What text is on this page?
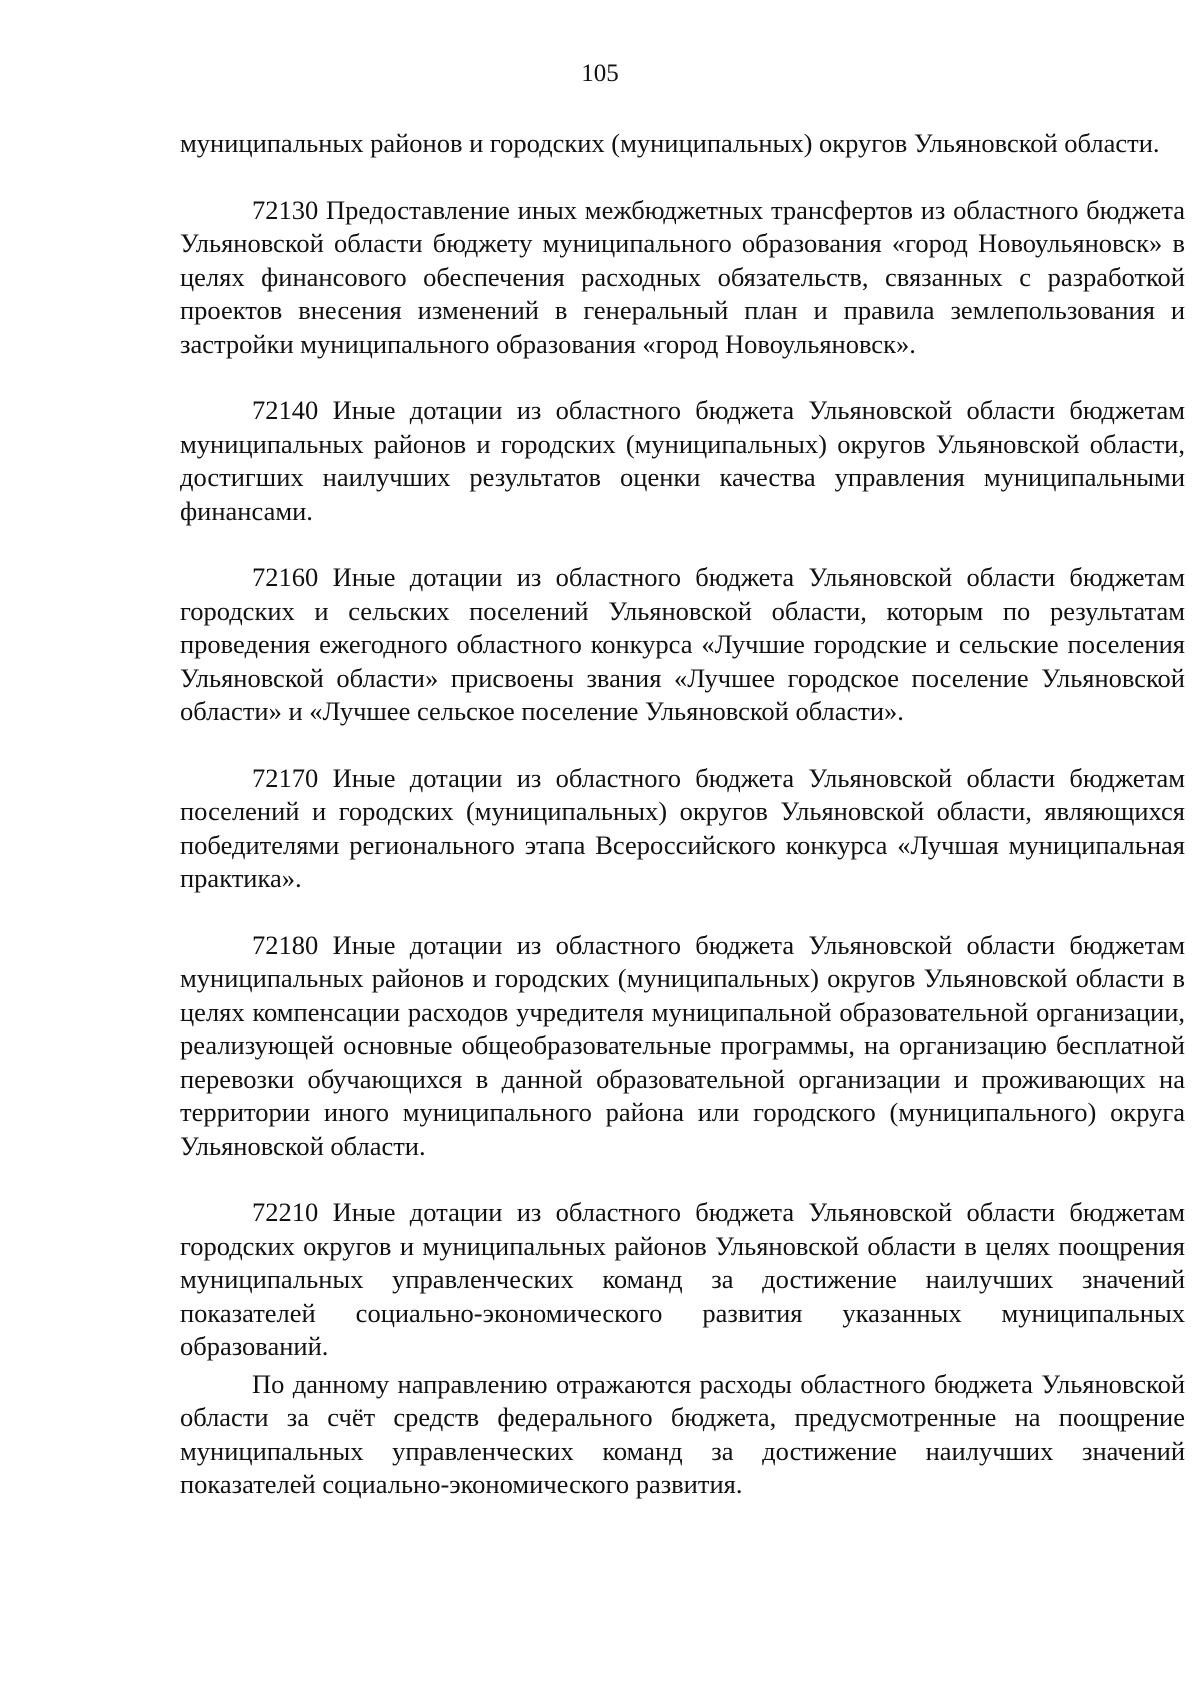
105

муниципальных районов и городских (муниципальных) округов Ульяновской области.

72130 Предоставление иных межбюджетных трансфертов из областного бюджета Ульяновской области бюджету муниципального образования «город Новоульяновск» в целях финансового обеспечения расходных обязательств, связанных с разработкой проектов внесения изменений в генеральный план и правила землепользования и застройки муниципального образования «город Новоульяновск».

72140 Иные дотации из областного бюджета Ульяновской области бюджетам муниципальных районов и городских (муниципальных) округов Ульяновской области, достигших наилучших результатов оценки качества управления муниципальными финансами.

72160 Иные дотации из областного бюджета Ульяновской области бюджетам городских и сельских поселений Ульяновской области, которым по результатам проведения ежегодного областного конкурса «Лучшие городские и сельские поселения Ульяновской области» присвоены звания «Лучшее городское поселение Ульяновской области» и «Лучшее сельское поселение Ульяновской области».

72170 Иные дотации из областного бюджета Ульяновской области бюджетам поселений и городских (муниципальных) округов Ульяновской области, являющихся победителями регионального этапа Всероссийского конкурса «Лучшая муниципальная практика».

72180 Иные дотации из областного бюджета Ульяновской области бюджетам муниципальных районов и городских (муниципальных) округов Ульяновской области в целях компенсации расходов учредителя муниципальной образовательной организации, реализующей основные общеобразовательные программы, на организацию бесплатной перевозки обучающихся в данной образовательной организации и проживающих на территории иного муниципального района или городского (муниципального) округа Ульяновской области.

72210 Иные дотации из областного бюджета Ульяновской области бюджетам городских округов и муниципальных районов Ульяновской области в целях поощрения муниципальных управленческих команд за достижение наилучших значений показателей социально-экономического развития указанных муниципальных образований.

По данному направлению отражаются расходы областного бюджета Ульяновской области за счёт средств федерального бюджета, предусмотренные на поощрение муниципальных управленческих команд за достижение наилучших значений показателей социально-экономического развития.
